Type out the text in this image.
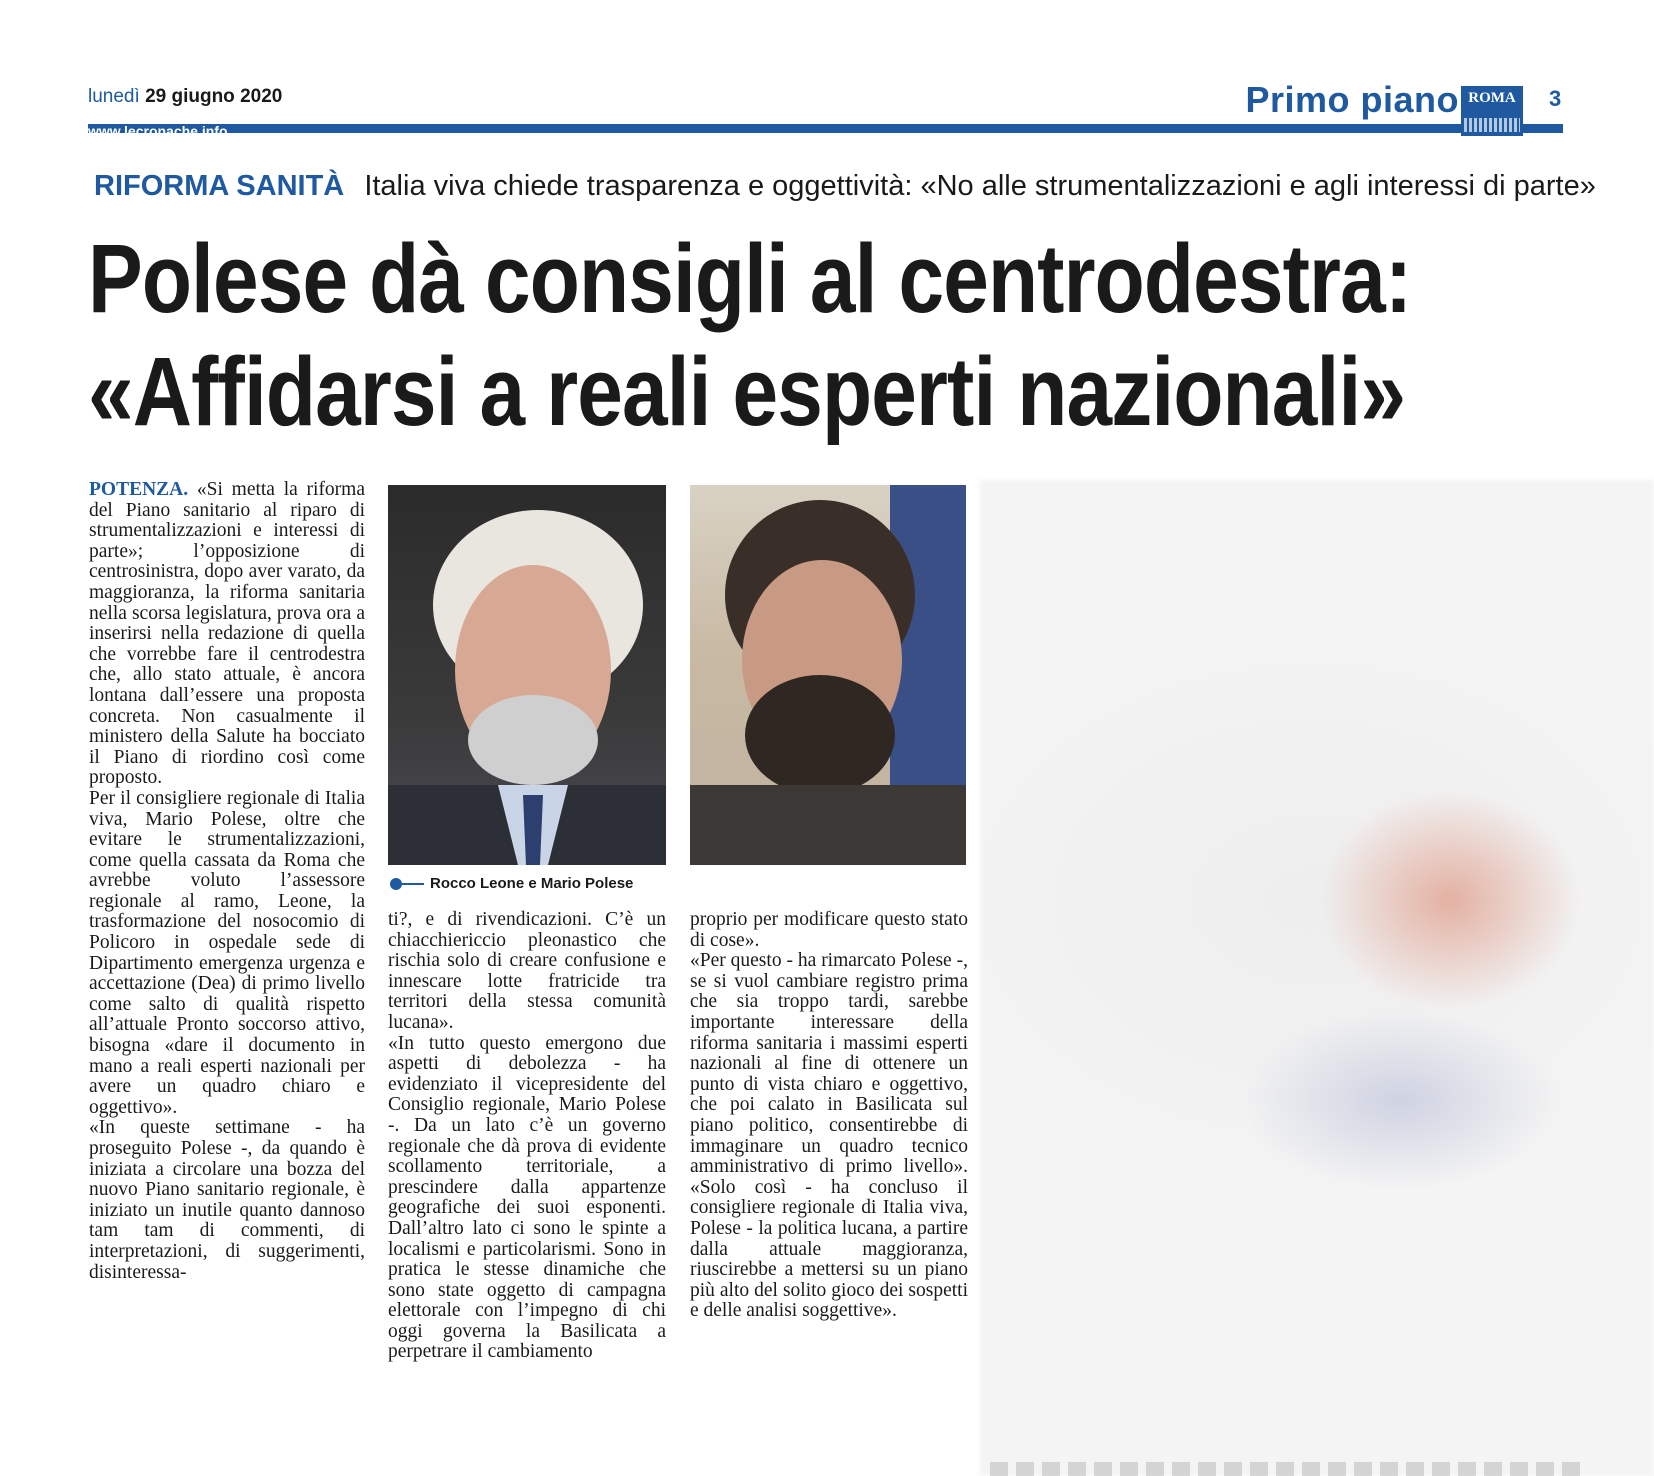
lunedì 29 giugno 2020
www.lecronache.info
Primo piano ROMA	3
RIFORMA SANITÀ Italia viva chiede trasparenza e oggettività: «No alle strumentalizzazioni e agli interessi di parte»
Polese dà consigli al centrodestra:
«Affidarsi a reali esperti nazionali»

POTENZA. «Si metta la riforma del Piano sanitario al riparo di strumentalizzazioni e interessi di parte»; l’opposizione di centrosinistra, dopo aver varato, da maggioranza, la riforma sanitaria nella scorsa legislatura, prova ora a inserirsi nella redazione di quella che vorrebbe fare il centrodestra che, allo stato attuale, è ancora lontana dall’essere una proposta concreta. Non casualmente il ministero della Salute ha bocciato il Piano di riordino così come proposto.

Per il consigliere regionale di Italia viva, Mario Polese, oltre che evitare le strumentalizzazioni, come quella cassata da Roma che avrebbe voluto l’assessore regionale al ramo, Leone, la trasformazione del nosocomio di Policoro in ospedale sede di Dipartimento emergenza urgenza e accettazione (Dea) di primo livello come salto di qualità rispetto all’attuale Pronto soccorso attivo, bisogna «dare il documento in mano a reali esperti nazionali per avere un quadro chiaro e oggettivo».

«In queste settimane - ha proseguito Polese -, da quando è iniziata a circolare una bozza del nuovo Piano sanitario regionale, è iniziato un inutile quanto dannoso tam tam di commenti, di interpretazioni, di suggerimenti, disinteressa-

Rocco Leone e Mario Polese

ti?, e di rivendicazioni. C’è un chiacchiericcio pleonastico che rischia solo di creare confusione e innescare lotte fratricide tra territori della stessa comunità lucana».

«In tutto questo emergono due aspetti di debolezza - ha evidenziato il vicepresidente del Consiglio regionale, Mario Polese -. Da un lato c’è un governo regionale che dà prova di evidente scollamento territoriale, a prescindere dalla appartenze geografiche dei suoi esponenti. Dall’altro lato ci sono le spinte a localismi e particolarismi. Sono in pratica le stesse dinamiche che sono state oggetto di campagna elettorale con l’impegno di chi oggi governa la Basilicata a perpetrare il cambiamento

proprio per modificare questo stato di cose».

«Per questo - ha rimarcato Polese -, se si vuol cambiare registro prima che sia troppo tardi, sarebbe importante interessare della riforma sanitaria i massimi esperti nazionali al fine di ottenere un punto di vista chiaro e oggettivo, che poi calato in Basilicata sul piano politico, consentirebbe di immaginare un quadro tecnico amministrativo di primo livello». «Solo così - ha concluso il consigliere regionale di Italia viva, Polese - la politica lucana, a partire dalla attuale maggioranza, riuscirebbe a mettersi su un piano più alto del solito gioco dei sospetti e delle analisi soggettive».
